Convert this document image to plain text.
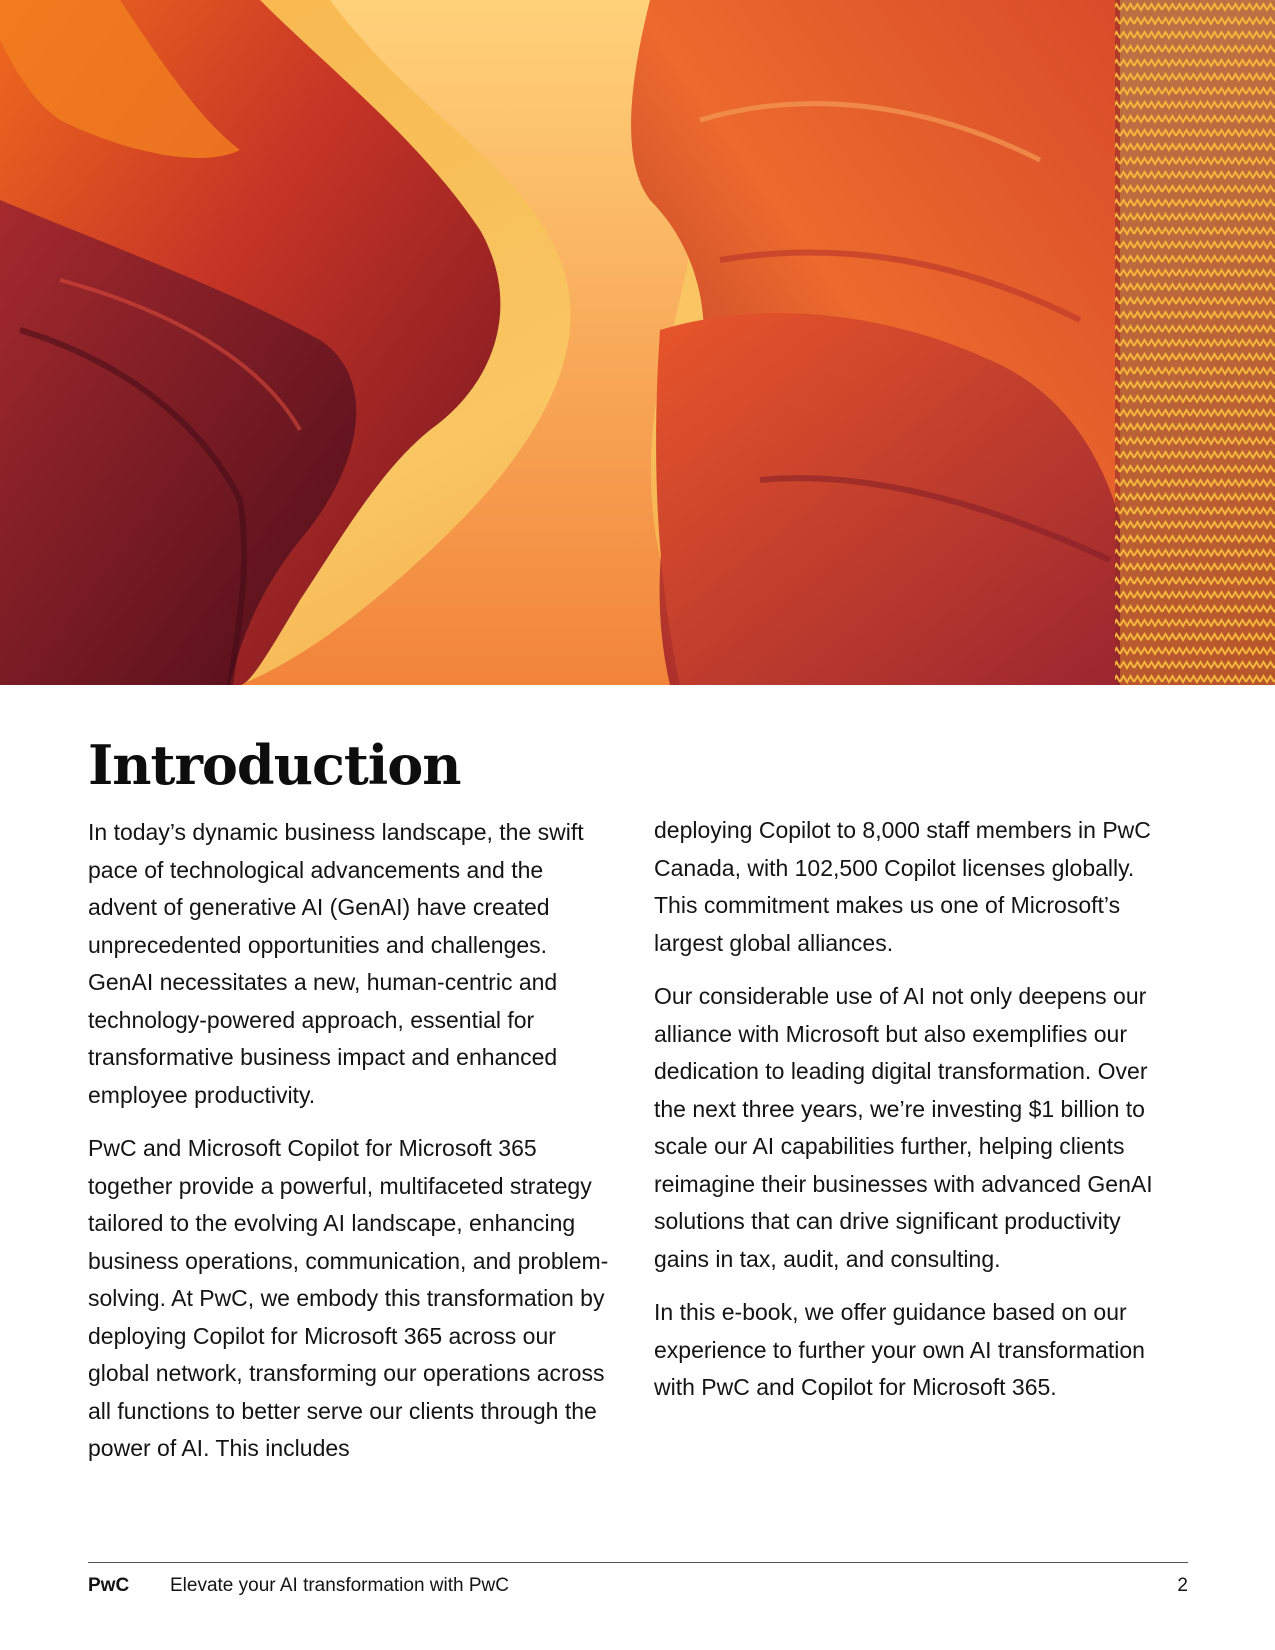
Introduction

In today’s dynamic business landscape, the swift pace of technological advancements and the advent of generative AI (GenAI) have created unprecedented opportunities and challenges. GenAI necessitates a new, human-centric and technology-powered approach, essential for transformative business impact and enhanced employee productivity.

PwC and Microsoft Copilot for Microsoft 365 together provide a powerful, multifaceted strategy tailored to the evolving AI landscape, enhancing business operations, communication, and problem-solving. At PwC, we embody this transformation by deploying Copilot for Microsoft 365 across our global network, transforming our operations across all functions to better serve our clients through the power of AI. This includes

deploying Copilot to 8,000 staff members in PwC Canada, with 102,500 Copilot licenses globally. This commitment makes us one of Microsoft’s largest global alliances.

Our considerable use of AI not only deepens our alliance with Microsoft but also exemplifies our dedication to leading digital transformation. Over the next three years, we’re investing $1 billion to scale our AI capabilities further, helping clients reimagine their businesses with advanced GenAI solutions that can drive significant productivity gains in tax, audit, and consulting.

In this e-book, we offer guidance based on our experience to further your own AI transformation with PwC and Copilot for Microsoft 365.

PwC	Elevate your AI transformation with PwC	2
